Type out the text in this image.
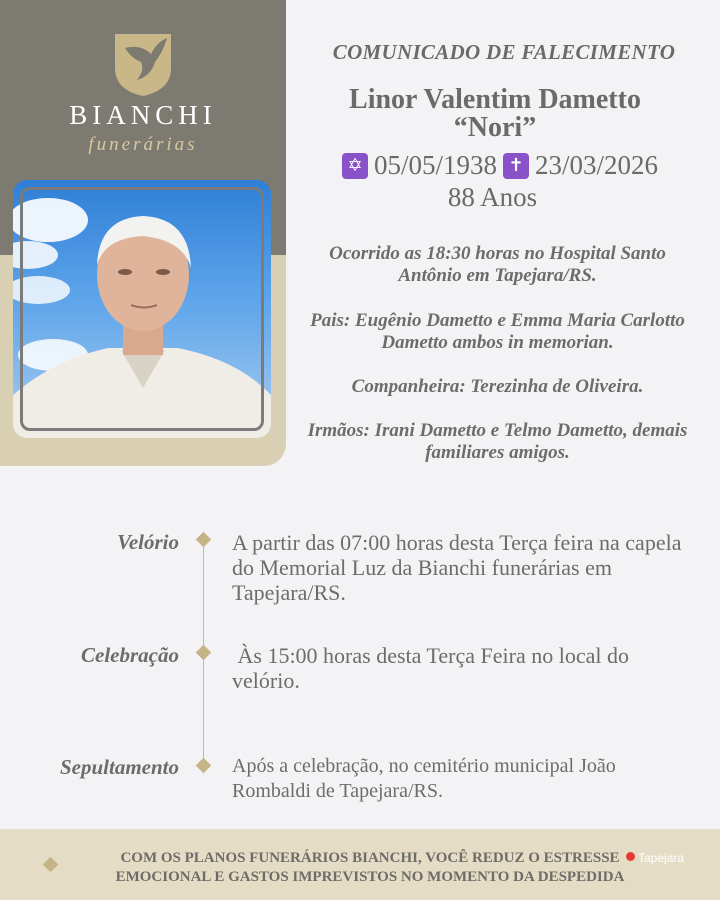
BIANCHI
funerárias
COMUNICADO DE FALECIMENTO
Linor Valentim Dametto
“Nori”
✡ 05/05/1938 ✝ 23/03/2026
88 Anos
Ocorrido as 18:30 horas no Hospital Santo Antônio em Tapejara/RS.
Pais: Eugênio Dametto e Emma Maria Carlotto Dametto ambos in memorian.
Companheira: Terezinha de Oliveira.
Irmãos: Irani Dametto e Telmo Dametto, demais familiares amigos.
Velório A partir das 07:00 horas desta Terça feira na capela do Memorial Luz da Bianchi funerárias em Tapejara/RS.
Celebração Às 15:00 horas desta Terça Feira no local do velório.
Sepultamento	Após a celebração, no cemitério municipal João Rombaldi de Tapejara/RS.
COM OS PLANOS FUNERÁRIOS BIANCHI, VOCÊ REDUZ O ESTRESSE
EMOCIONAL E GASTOS IMPREVISTOS NO MOMENTO DA DESPEDIDA
Tapejara
